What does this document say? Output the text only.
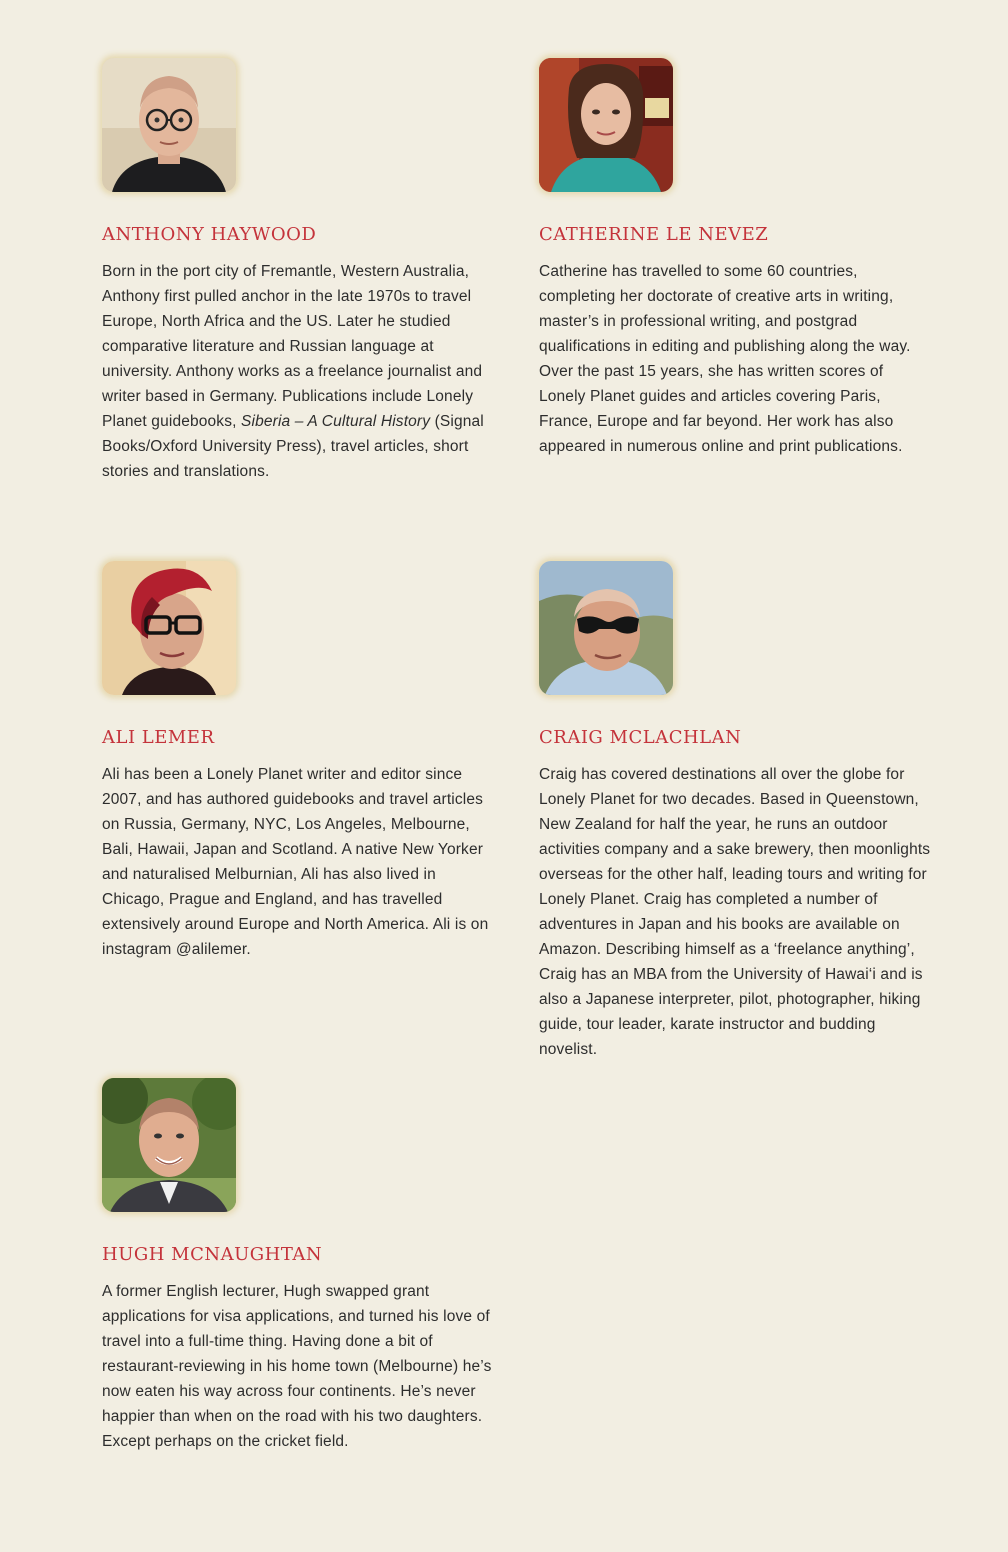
ANTHONY HAYWOOD

Born in the port city of Fremantle, Western Australia, Anthony first pulled anchor in the late 1970s to travel Europe, North Africa and the US. Later he studied comparative literature and Russian language at university. Anthony works as a freelance journalist and writer based in Germany. Publications include Lonely Planet guidebooks, Siberia – A Cultural History (Signal Books/Oxford University Press), travel articles, short stories and translations.

CATHERINE LE NEVEZ

Catherine has travelled to some 60 countries, completing her doctorate of creative arts in writing, master’s in professional writing, and postgrad qualifications in editing and publishing along the way. Over the past 15 years, she has written scores of Lonely Planet guides and articles covering Paris, France, Europe and far beyond. Her work has also appeared in numerous online and print publications.

ALI LEMER

Ali has been a Lonely Planet writer and editor since 2007, and has authored guidebooks and travel articles on Russia, Germany, NYC, Los Angeles, Melbourne, Bali, Hawaii, Japan and Scotland. A native New Yorker and naturalised Melburnian, Ali has also lived in Chicago, Prague and England, and has travelled extensively around Europe and North America. Ali is on instagram @alilemer.

CRAIG MCLACHLAN

Craig has covered destinations all over the globe for Lonely Planet for two decades. Based in Queenstown, New Zealand for half the year, he runs an outdoor activities company and a sake brewery, then moonlights overseas for the other half, leading tours and writing for Lonely Planet. Craig has completed a number of adventures in Japan and his books are available on Amazon. Describing himself as a ‘freelance anything’, Craig has an MBA from the University of Hawai‘i and is also a Japanese interpreter, pilot, photographer, hiking guide, tour leader, karate instructor and budding novelist.

HUGH MCNAUGHTAN

A former English lecturer, Hugh swapped grant applications for visa applications, and turned his love of travel into a full-time thing. Having done a bit of restaurant-reviewing in his home town (Melbourne) he’s now eaten his way across four continents. He’s never happier than when on the road with his two daughters. Except perhaps on the cricket field.
